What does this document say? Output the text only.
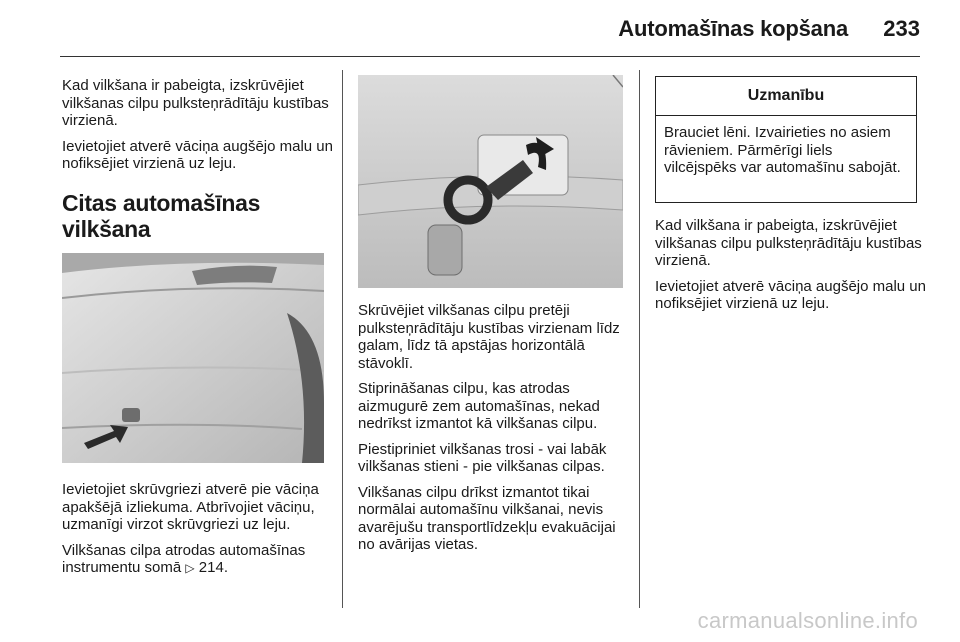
Automašīnas kopšana 233

Kad vilkšana ir pabeigta, izskrūvējiet vilkšanas cilpu pulksteņrādītāju kustības virzienā.

Ievietojiet atverē vāciņa augšējo malu un nofiksējiet virzienā uz leju.

Citas automašīnas vilkšana

Ievietojiet skrūvgriezi atverē pie vāciņa apakšējā izliekuma. Atbrīvojiet vāciņu, uzmanīgi virzot skrūvgriezi uz leju.

Vilkšanas cilpa atrodas automašīnas instrumentu somā ▷ 214.

Skrūvējiet vilkšanas cilpu pretēji pulksteņrādītāju kustības virzienam līdz galam, līdz tā apstājas horizontālā stāvoklī.

Stiprināšanas cilpu, kas atrodas aizmugurē zem automašīnas, nekad nedrīkst izmantot kā vilkšanas cilpu.

Piestipriniet vilkšanas trosi - vai labāk vilkšanas stieni - pie vilkšanas cilpas.

Vilkšanas cilpu drīkst izmantot tikai normālai automašīnu vilkšanai, nevis avarējušu transportlīdzekļu evakuācijai no avārijas vietas.

Uzmanību
Brauciet lēni. Izvairieties no asiem rāvieniem. Pārmērīgi liels vilcējspēks var automašīnu sabojāt.

Kad vilkšana ir pabeigta, izskrūvējiet vilkšanas cilpu pulksteņrādītāju kustības virzienā.

Ievietojiet atverē vāciņa augšējo malu un nofiksējiet virzienā uz leju.

carmanualsonline.info
